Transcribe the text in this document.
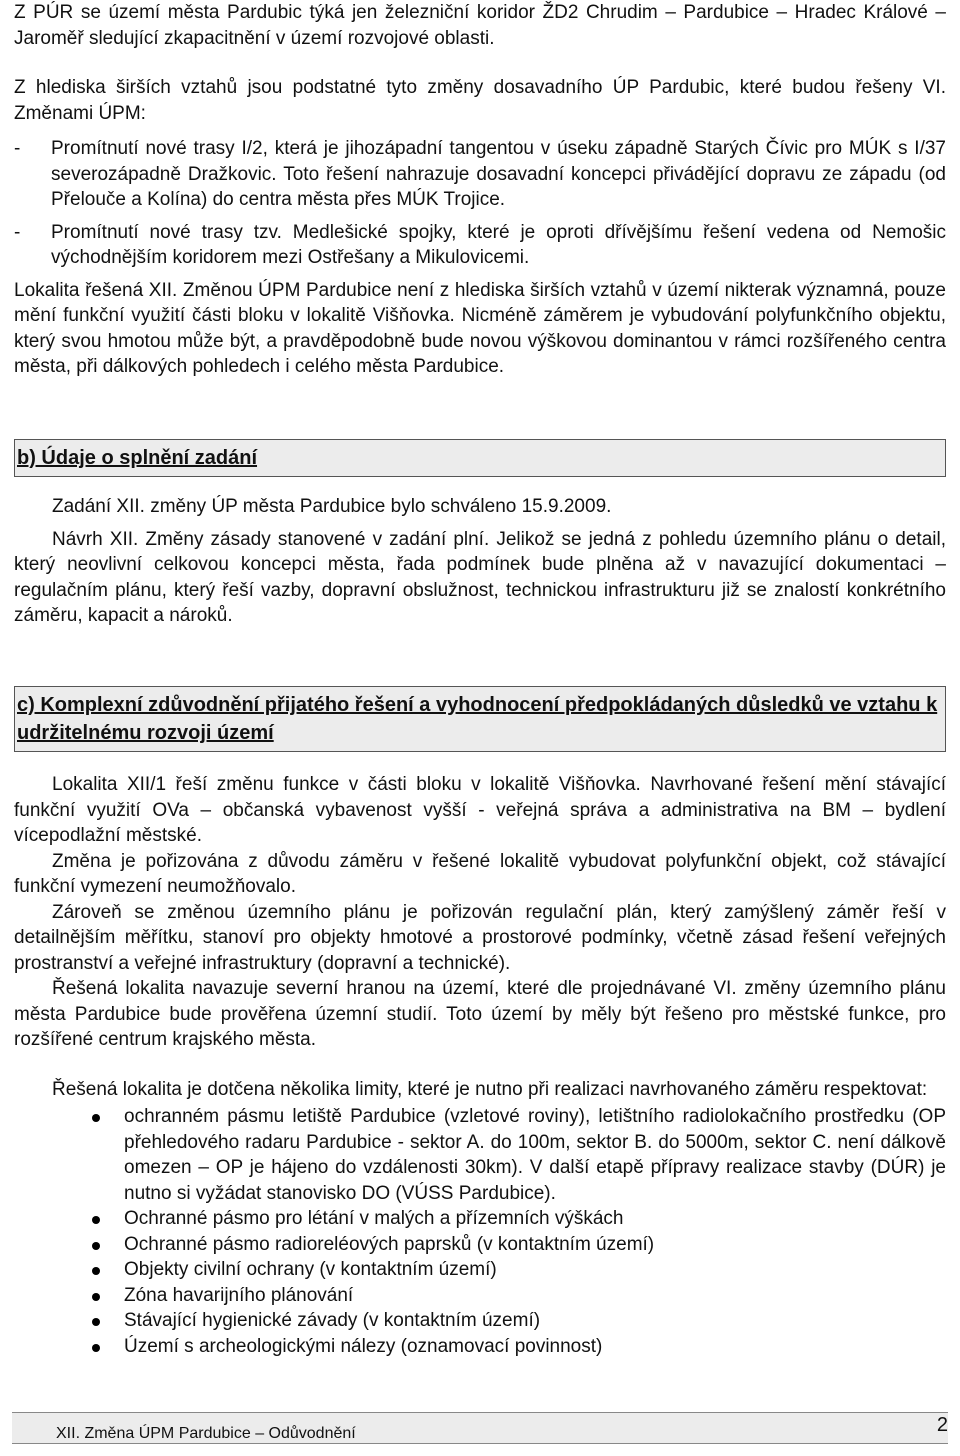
Z PÚR se území města Pardubic týká jen železniční koridor ŽD2 Chrudim – Pardubice – Hradec Králové – Jaroměř sledující zkapacitnění v území rozvojové oblasti.

Z hlediska širších vztahů jsou podstatné tyto změny dosavadního ÚP Pardubic, které budou řešeny VI. Změnami ÚPM:

-	Promítnutí nové trasy I/2, která je jihozápadní tangentou v úseku západně Starých Čívic pro MÚK s I/37 severozápadně Dražkovic. Toto řešení nahrazuje dosavadní koncepci přivádějící dopravu ze západu (od Přelouče a Kolína) do centra města přes MÚK Trojice.
-	Promítnutí nové trasy tzv. Medlešické spojky, které je oproti dřívějšímu řešení vedena od Nemošic východnějším koridorem mezi Ostřešany a Mikulovicemi.

Lokalita řešená XII. Změnou ÚPM Pardubice není z hlediska širších vztahů v území nikterak významná, pouze mění funkční využití části bloku v lokalitě Višňovka. Nicméně záměrem je vybudování polyfunkčního objektu, který svou hmotou může být, a pravděpodobně bude novou výškovou dominantou v rámci rozšířeného centra města, při dálkových pohledech i celého města Pardubice.

b) Údaje o splnění zadání

Zadání XII. změny ÚP města Pardubice bylo schváleno 15.9.2009.

Návrh XII. Změny zásady stanovené v zadání plní. Jelikož se jedná z pohledu územního plánu o detail, který neovlivní celkovou koncepci města, řada podmínek bude plněna až v navazující dokumentaci – regulačním plánu, který řeší vazby, dopravní obslužnost, technickou infrastrukturu již se znalostí konkrétního záměru, kapacit a nároků.

c) Komplexní zdůvodnění přijatého řešení a vyhodnocení předpokládaných důsledků ve vztahu k udržitelnému rozvoji území

Lokalita XII/1 řeší změnu funkce v části bloku v lokalitě Višňovka. Navrhované řešení mění stávající funkční využití OVa – občanská vybavenost vyšší - veřejná správa a administrativa na BM – bydlení vícepodlažní městské.

Změna je pořizována z důvodu záměru v řešené lokalitě vybudovat polyfunkční objekt, což stávající funkční vymezení neumožňovalo.

Zároveň se změnou územního plánu je pořizován regulační plán, který zamýšlený záměr řeší v detailnějším měřítku, stanoví pro objekty hmotové a prostorové podmínky, včetně zásad řešení veřejných prostranství a veřejné infrastruktury (dopravní a technické).

Řešená lokalita navazuje severní hranou na území, které dle projednávané VI. změny územního plánu města Pardubice bude prověřena územní studií. Toto území by měly být řešeno pro městské funkce, pro rozšířené centrum krajského města.

Řešená lokalita je dotčena několika limity, které je nutno při realizaci navrhovaného záměru respektovat:

ochranném pásmu letiště Pardubice (vzletové roviny), letištního radiolokačního prostředku (OP přehledového radaru Pardubice - sektor A. do 100m, sektor B. do 5000m, sektor C. není dálkově omezen – OP je hájeno do vzdálenosti 30km). V další etapě přípravy realizace stavby (DÚR) je nutno si vyžádat stanovisko DO (VÚSS Pardubice).
Ochranné pásmo pro létání v malých a přízemních výškách
Ochranné pásmo radioreléových paprsků (v kontaktním území)
Objekty civilní ochrany (v kontaktním území)
Zóna havarijního plánování
Stávající hygienické závady (v kontaktním území)
Území s archeologickými nálezy (oznamovací povinnost)
XII. Změna ÚPM Pardubice – Odůvodnění	2
